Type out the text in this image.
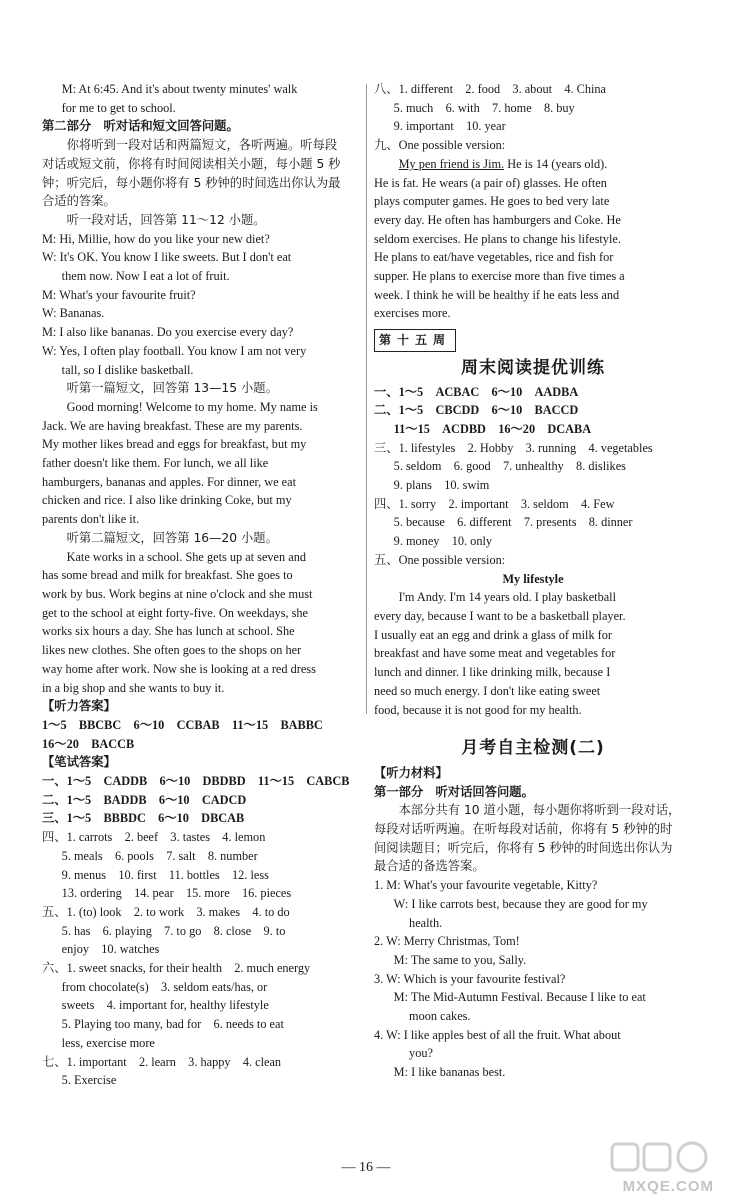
M: At 6:45. And it's about twenty minutes' walk

for me to get to school.

第二部分　听对话和短文回答问题。

你将听到一段对话和两篇短文，各听两遍。听每段

对话或短文前，你将有时间阅读相关小题，每小题 5 秒

钟；听完后，每小题你将有 5 秒钟的时间选出你认为最

合适的答案。

听一段对话，回答第 11～12 小题。

M: Hi, Millie, how do you like your new diet?

W: It's OK. You know I like sweets. But I don't eat

them now. Now I eat a lot of fruit.

M: What's your favourite fruit?

W: Bananas.

M: I also like bananas. Do you exercise every day?

W: Yes, I often play football. You know I am not very

tall, so I dislike basketball.

听第一篇短文，回答第 13—15 小题。

Good morning! Welcome to my home. My name is

Jack. We are having breakfast. These are my parents.

My mother likes bread and eggs for breakfast, but my

father doesn't like them. For lunch, we all like

hamburgers, bananas and apples. For dinner, we eat

chicken and rice. I also like drinking Coke, but my

parents don't like it.

听第二篇短文，回答第 16—20 小题。

Kate works in a school. She gets up at seven and

has some bread and milk for breakfast. She goes to

work by bus. Work begins at nine o'clock and she must

get to the school at eight forty-five. On weekdays, she

works six hours a day. She has lunch at school. She

likes new clothes. She often goes to the shops on her

way home after work. Now she is looking at a red dress

in a big shop and she wants to buy it.

【听力答案】

1～5　BBCBC　6～10　CCBAB　11～15　BABBC

16～20　BACCB

【笔试答案】

一、1～5　CADDB　6～10　DBDBD　11～15　CABCB

二、1～5　BADDB　6～10　CADCD

三、1～5　BBBDC　6～10　DBCAB

四、1. carrots　2. beef　3. tastes　4. lemon

5. meals　6. pools　7. salt　8. number

9. menus　10. first　11. bottles　12. less

13. ordering　14. pear　15. more　16. pieces

五、1. (to) look　2. to work　3. makes　4. to do

5. has　6. playing　7. to go　8. close　9. to

enjoy　10. watches

六、1. sweet snacks, for their health　2. much energy

from chocolate(s)　3. seldom eats/has, or

sweets　4. important for, healthy lifestyle

5. Playing too many, bad for　6. needs to eat

less, exercise more

七、1. important　2. learn　3. happy　4. clean

5. Exercise

八、1. different　2. food　3. about　4. China

5. much　6. with　7. home　8. buy

9. important　10. year

九、One possible version:

My pen friend is Jim. He is 14 (years old).

He is fat. He wears (a pair of) glasses. He often

plays computer games. He goes to bed very late

every day. He often has hamburgers and Coke. He

seldom exercises. He plans to change his lifestyle.

He plans to eat/have vegetables, rice and fish for

supper. He plans to exercise more than five times a

week. I think he will be healthy if he eats less and

exercises more.

第十五周
周末阅读提优训练

一、1～5　ACBAC　6～10　AADBA

二、1～5　CBCDD　6～10　BACCD

11～15　ACDBD　16～20　DCABA

三、1. lifestyles　2. Hobby　3. running　4. vegetables

5. seldom　6. good　7. unhealthy　8. dislikes

9. plans　10. swim

四、1. sorry　2. important　3. seldom　4. Few

5. because　6. different　7. presents　8. dinner

9. money　10. only

五、One possible version:

My lifestyle

I'm Andy. I'm 14 years old. I play basketball

every day, because I want to be a basketball player.

I usually eat an egg and drink a glass of milk for

breakfast and have some meat and vegetables for

lunch and dinner. I like drinking milk, because I

need so much energy. I don't like eating sweet

food, because it is not good for my health.

月考自主检测(二)

【听力材料】

第一部分　听对话回答问题。

本部分共有 10 道小题，每小题你将听到一段对话，

每段对话听两遍。在听每段对话前，你将有 5 秒钟的时

间阅读题目；听完后，你将有 5 秒钟的时间选出你认为

最合适的备选答案。

1. M: What's your favourite vegetable, Kitty?

W: I like carrots best, because they are good for my

health.

2. W: Merry Christmas, Tom!

M: The same to you, Sally.

3. W: Which is your favourite festival?

M: The Mid-Autumn Festival. Because I like to eat

moon cakes.

4. W: I like apples best of all the fruit. What about

you?

M: I like bananas best.

— 16 —
MXQE.COM
